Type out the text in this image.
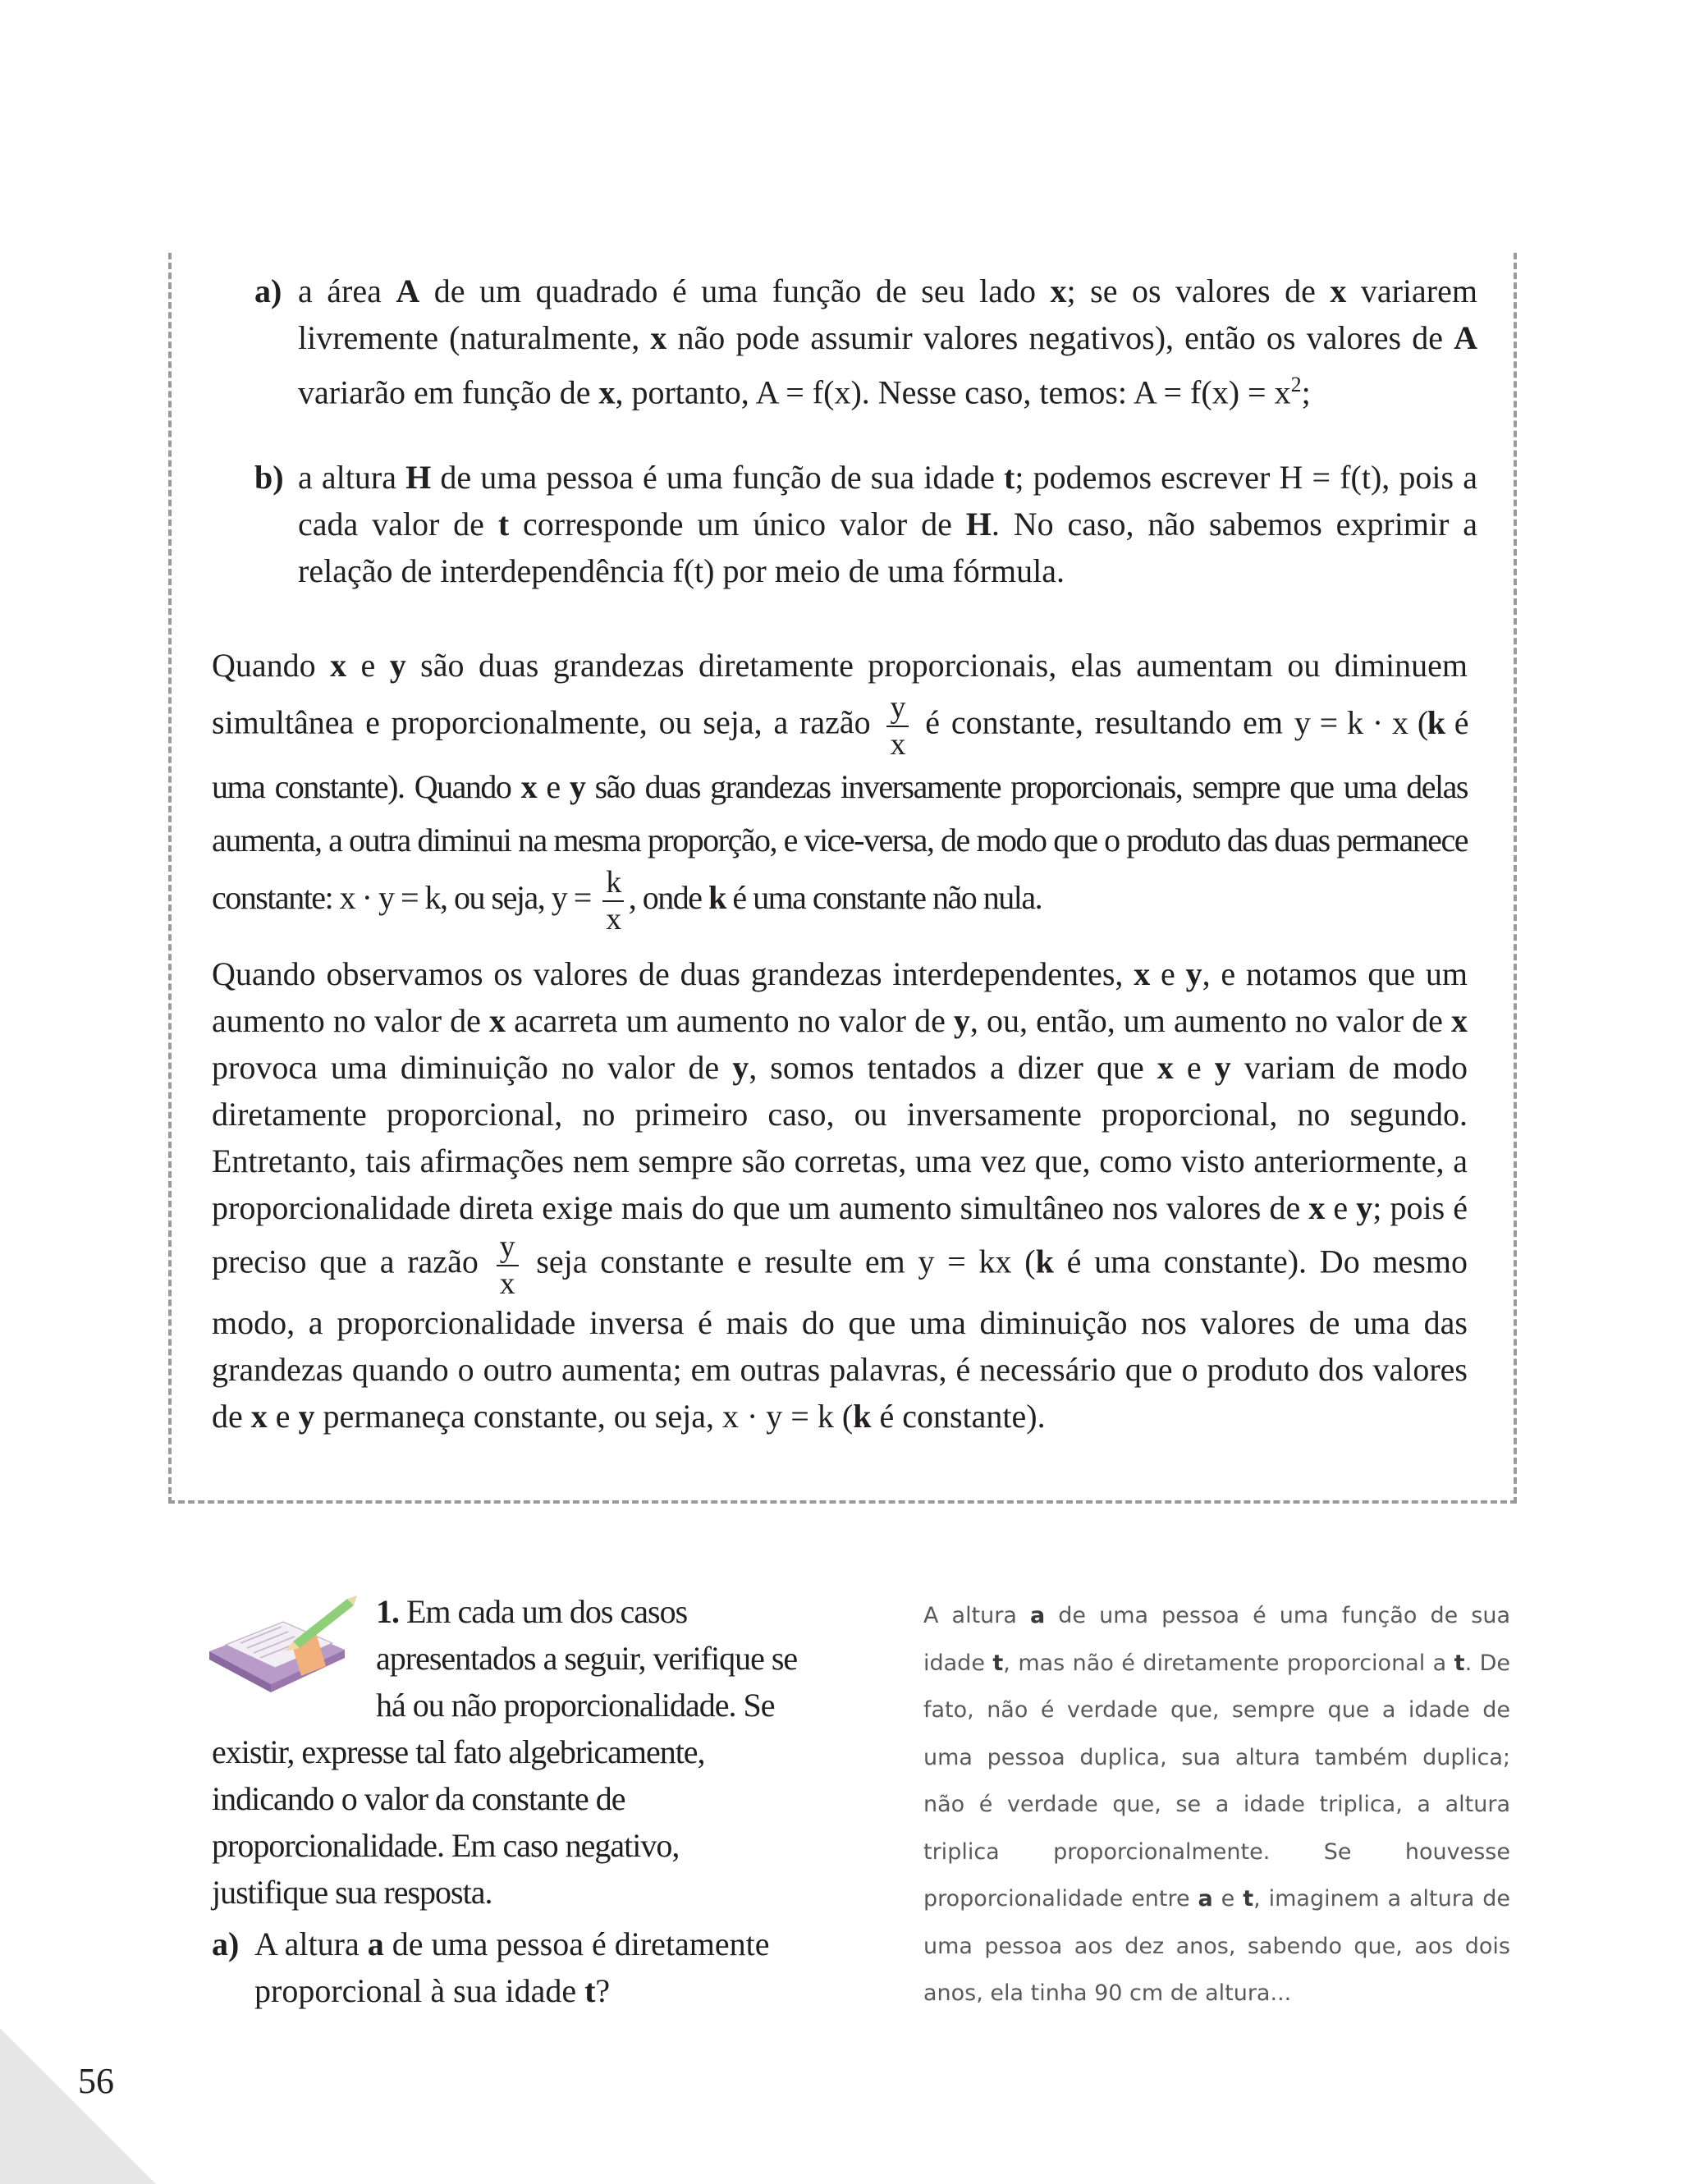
a) a área A de um quadrado é uma função de seu lado x; se os valores de x variarem livremente (naturalmente, x não pode assumir valores negativos), então os valores de A variarão em função de x, portanto, A = f(x). Nesse caso, temos: $A = f(x) = x^2$;
b) a altura H de uma pessoa é uma função de sua idade t; podemos escrever H = f(t), pois a cada valor de t corresponde um único valor de H. No caso, não sabemos exprimir a relação de interdependência f(t) por meio de uma fórmula.
Quando x e y são duas grandezas diretamente proporcionais, elas aumentam ou diminuem simultânea e proporcionalmente, ou seja, a razão $\frac{y}{x}$ é constante, resultando em y = k · x (k é uma constante). Quando x e y são duas grandezas inversamente proporcionais, sempre que uma delas aumenta, a outra diminui na mesma proporção, e vice-versa, de modo que o produto das duas permanece constante: x · y = k, ou seja, $y = \frac{k}{x}$ , onde k é uma constante não nula.
Quando observamos os valores de duas grandezas interdependentes, x e y, e notamos que um aumento no valor de x acarreta um aumento no valor de y, ou, então, um aumento no valor de x provoca uma diminuição no valor de y, somos tentados a dizer que x e y variam de modo diretamente proporcional, no primeiro caso, ou inversamente proporcional, no segundo. Entretanto, tais afirmações nem sempre são corretas, uma vez que, como visto anteriormente, a proporcionalidade direta exige mais do que um aumento simultâneo nos valores de x e y; pois é preciso que a razão $\frac{y}{x}$ seja constante e resulte em y = kx (k é uma constante). Do mesmo modo, a proporcionalidade inversa é mais do que uma diminuição nos valores de uma das grandezas quando o outro aumenta; em outras palavras, é necessário que o produto dos valores de x e y permaneça constante, ou seja, x · y = k (k é constante).
1. Em cada um dos casos apresentados a seguir, verifique se há ou não proporcionalidade. Se existir, expresse tal fato algebricamente, indicando o valor da constante de proporcionalidade. Em caso negativo, justifique sua resposta.
a) A altura a de uma pessoa é diretamente proporcional à sua idade t?
A altura a de uma pessoa é uma função de sua idade t, mas não é diretamente proporcional a t. De fato, não é verdade que, sempre que a idade de uma pessoa duplica, sua altura também duplica; não é verdade que, se a idade triplica, a altura triplica proporcionalmente. Se houvesse proporcionalidade entre a e t, imaginem a altura de uma pessoa aos dez anos, sabendo que, aos dois anos, ela tinha 90 cm de altura...
56
